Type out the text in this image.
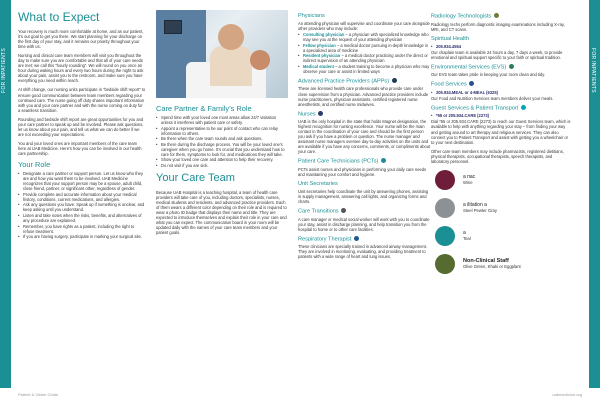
FOR INPATIENTS	FOR INPATIENTS
What to Expect

Your recovery is much more comfortable at home, and as our patient, it’s our goal to get you there. We start planning for your discharge on the first day of your stay, and it remains our priority throughout your time with us.

Nursing and clinical care team members will visit you throughout the day to make sure you are comfortable and that all of your care needs are met; we call this “hourly rounding”. We will round on you once an hour during waking hours and every two hours during the night to ask about your pain, assist you to the restroom, and make sure you have everything you need within reach.

At shift change, our nursing units participate in “bedside shift report” to ensure good communication between team members regarding your continued care. The nurse going off duty shares important information with you and your care partner and with the nurse coming on duty for a seamless transition.

Rounding and bedside shift report are great opportunities for you and your care partner to speak up and be involved. Please ask questions, let us know about your pain, and tell us what we can do better if we are not exceeding your expectations.

You and your loved ones are important members of the care team here at UAB Medicine. Here’s how you can be involved in our health care partnership.

Your Role
• Designate a care partner or support person. Let us know who they are and how you want them to be involved. UAB Medicine recognizes that your support person may be a spouse, adult child, close friend, partner, or significant other, regardless of gender.
• Provide complete and accurate information about your medical history, conditions, current medications, and allergies.
• Ask any questions you have. Speak up if something is unclear, and keep asking until you understand.
• Listen and take notes when the risks, benefits, and alternatives of any procedure are explained.
• Remember, you have rights as a patient, including the right to refuse treatment.
• If you are having surgery, participate in marking your surgical site.
Care Partner & Family’s Role
• Spend time with your loved one most areas allow 24/7 visitation unless it interferes with patient care or safety.
• Appoint a representative to be our point of contact who can relay information to others.
• Be there when the care team rounds and ask questions.
• Be there during the discharge process. You will be your loved one’s caregiver when you go home. It’s crucial that you understand how to care for them, symptoms to look for, and medications they will take.
• Show your loved one care and attention to help their recovery.
• Do not visit if you are sick.
Your Care Team

Because UAB Hospital is a teaching hospital, a team of health care providers will take care of you, including doctors, specialists, nurses, medical students and residents, and advanced practice providers. Each of them wears a different color depending on their role and is required to wear a photo ID badge that displays their name and title. They are expected to introduce themselves and explain their role in your care and what you can expect. The communication board in your room will be updated daily with the names of your care team members and your patient goals.

Physicians

An attending physician will supervise and coordinate your care alongside other providers who may include:

• Consulting physician – a physician with specialized knowledge who may see you at the request of your attending physician
• Fellow physician – a medical doctor pursuing in-depth knowledge in a specialized area of medicine
• Resident physician – a medical doctor practicing under the direct or indirect supervision of an attending physician
• Medical student – a student training to become a physician who may observe your care or assist in limited ways
Advanced Practice Providers (APPs)

These are licensed health care professionals who provide care under close supervision from a physician. Advanced practice providers include nurse practitioners, physician assistants, certified registered nurse anesthetists, and certified nurse midwives.

Nurses

UAB is the only hospital in the state that holds Magnet designation, the highest recognition for nursing excellence. Your nurse will be the main contact in the coordination of your care and should be the first person you ask if you have a problem or question. The nurse manager and assistant nurse managers oversee day-to-day activities on the units and are available if you have any concerns, comments, or compliments about your care.

Patient Care Technicians (PCTs)

PCTs assist nurses and physicians in performing your daily care needs and maintaining your comfort and hygiene.

Unit Secretaries

Unit secretaries help coordinate the unit by answering phones, assisting in supply management, answering call lights, and organizing forms and charts.

Care Transitions

A care manager or medical social worker will work with you to coordinate your stay, assist in discharge planning, and help transition you from the hospital to home or to other care facilities.

Respiratory Therapist

These clinicians are specially trained in advanced airway management. They are involved in monitoring, evaluating, and providing treatment to patients with a wide range of heart and lung issues.

Radiology Technologists

Radiology techs perform diagnostic imaging examinations including X-ray, MRI, and CT scans.

Spiritual Health
• 205.934.4554

Our chaplain team is available 24 hours a day, 7 days a week, to provide emotional and spiritual support specific to your faith or spiritual tradition.

Environmental Services (EVS)

Our EVS team takes pride in keeping your room clean and tidy.

Food Services
• 205.934.MEAL or 4-MEAL (6325)

Our Food and Nutrition Services team members deliver your meals.

Guest Services & Patient Transport
• *55 or 205.934.CARE (2273)

Dial *55 or 205.934.CARE (2273) to reach our Guest Services team, which is available to help with anything regarding your stay – from finding your way and getting around to art therapy and religious services. They can also connect you to Patient Transport and assist with getting you a wheelchair or to your next destination.

Other care team members may include pharmacists, registered dietitians, physical therapists, occupational therapists, speech therapists, and laboratory personnel.

a ᴨac
Wine
a ilitation a
Steel Pewter Gray
a
Teal
Non-Clinical Staff
Olive Green, Khaki or Eggplant
Patient & Visitor Guide	uabmedicine.org
